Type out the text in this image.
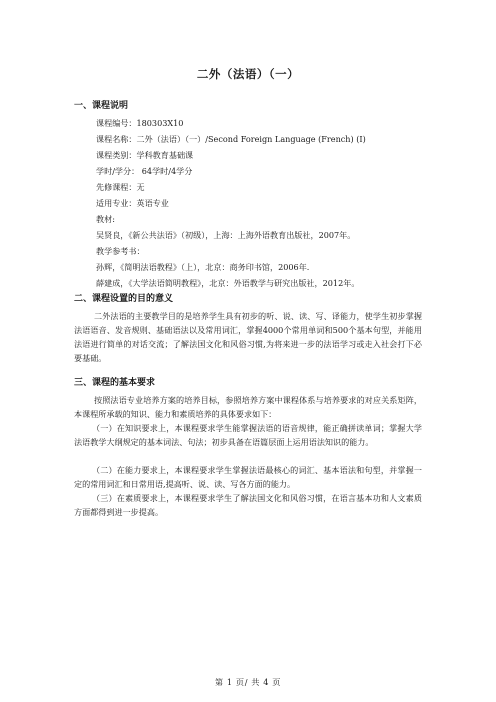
二外（法语）（一）
一、课程说明
课程编号：180303X10
课程名称：二外（法语）（一）/Second Foreign Language (French) (I)
课程类别：学科教育基础课
学时/学分： 64学时/4学分
先修课程：无
适用专业：英语专业
教材:
吴贤良，《新公共法语》（初级），上海：上海外语教育出版社，2007年。
教学参考书：
孙辉，《简明法语教程》（上），北京：商务印书馆，2006年.
薛建成，《大学法语简明教程》，北京：外语教学与研究出版社，2012年。
二、课程设置的目的意义
二外法语的主要教学目的是培养学生具有初步的听、说、读、写、译能力，使学生初步掌握法语语音、发音规则、基础语法以及常用词汇，掌握4000个常用单词和500个基本句型，并能用法语进行简单的对话交流；了解法国文化和风俗习惯,为将来进一步的法语学习或走入社会打下必要基础。
三、课程的基本要求
按照法语专业培养方案的培养目标，参照培养方案中课程体系与培养要求的对应关系矩阵，本课程所承载的知识、能力和素质培养的具体要求如下：
（一）在知识要求上，本课程要求学生能掌握法语的语音规律，能正确拼读单词；掌握大学法语教学大纲规定的基本词法、句法；初步具备在语篇层面上运用语法知识的能力。
（二）在能力要求上，本课程要求学生掌握法语最核心的词汇、基本语法和句型，并掌握一定的常用词汇和日常用语,提高听、说、读、写各方面的能力。
（三）在素质要求上，本课程要求学生了解法国文化和风俗习惯，在语言基本功和人文素质方面都得到进一步提高。
第 1 页/ 共 4 页
